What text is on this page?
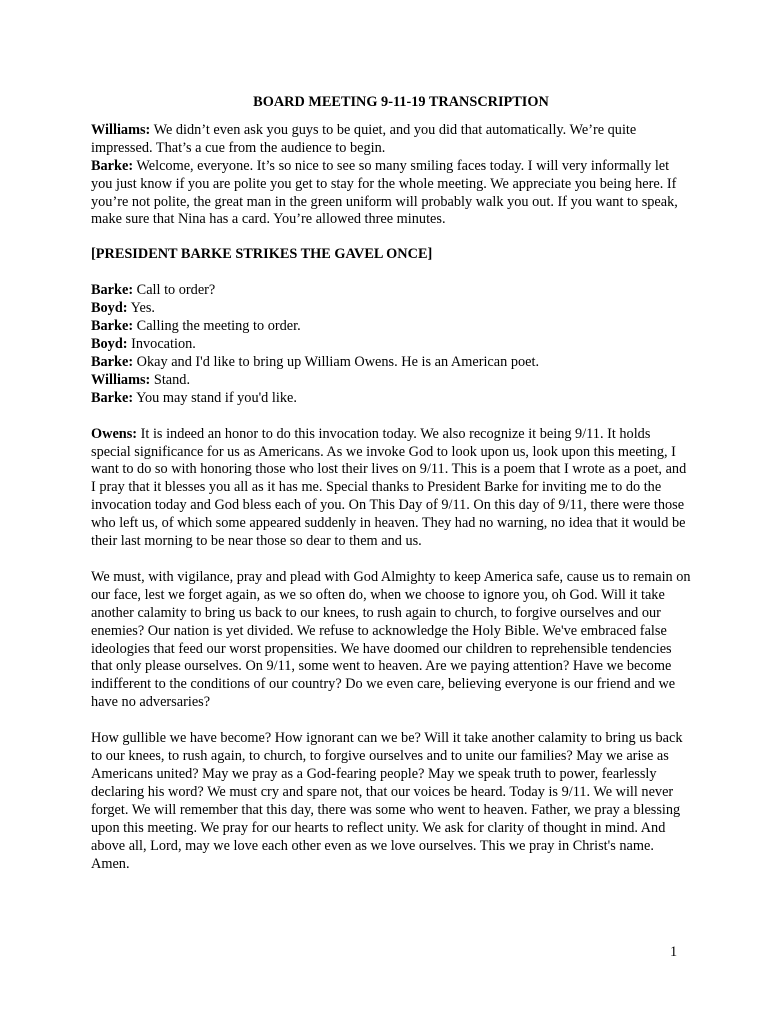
BOARD MEETING 9-11-19 TRANSCRIPTION

Williams: We didn’t even ask you guys to be quiet, and you did that automatically. We’re quite impressed. That’s a cue from the audience to begin.

Barke: Welcome, everyone. It’s so nice to see so many smiling faces today. I will very informally let you just know if you are polite you get to stay for the whole meeting. We appreciate you being here. If you’re not polite, the great man in the green uniform will probably walk you out. If you want to speak, make sure that Nina has a card. You’re allowed three minutes.

[PRESIDENT BARKE STRIKES THE GAVEL ONCE]

Barke: Call to order?

Boyd: Yes.

Barke: Calling the meeting to order.

Boyd: Invocation.

Barke: Okay and I'd like to bring up William Owens. He is an American poet.

Williams: Stand.

Barke: You may stand if you'd like.

Owens: It is indeed an honor to do this invocation today. We also recognize it being 9/11. It holds special significance for us as Americans. As we invoke God to look upon us, look upon this meeting, I want to do so with honoring those who lost their lives on 9/11. This is a poem that I wrote as a poet, and I pray that it blesses you all as it has me. Special thanks to President Barke for inviting me to do the invocation today and God bless each of you. On This Day of 9/11. On this day of 9/11, there were those who left us, of which some appeared suddenly in heaven. They had no warning, no idea that it would be their last morning to be near those so dear to them and us.

We must, with vigilance, pray and plead with God Almighty to keep America safe, cause us to remain on our face, lest we forget again, as we so often do, when we choose to ignore you, oh God. Will it take another calamity to bring us back to our knees, to rush again to church, to forgive ourselves and our enemies? Our nation is yet divided. We refuse to acknowledge the Holy Bible. We've embraced false ideologies that feed our worst propensities. We have doomed our children to reprehensible tendencies that only please ourselves. On 9/11, some went to heaven. Are we paying attention? Have we become indifferent to the conditions of our country? Do we even care, believing everyone is our friend and we have no adversaries?

How gullible we have become? How ignorant can we be? Will it take another calamity to bring us back to our knees, to rush again, to church, to forgive ourselves and to unite our families? May we arise as Americans united? May we pray as a God-fearing people? May we speak truth to power, fearlessly declaring his word? We must cry and spare not, that our voices be heard. Today is 9/11. We will never forget. We will remember that this day, there was some who went to heaven. Father, we pray a blessing upon this meeting. We pray for our hearts to reflect unity. We ask for clarity of thought in mind. And above all, Lord, may we love each other even as we love ourselves. This we pray in Christ's name. Amen.

1
